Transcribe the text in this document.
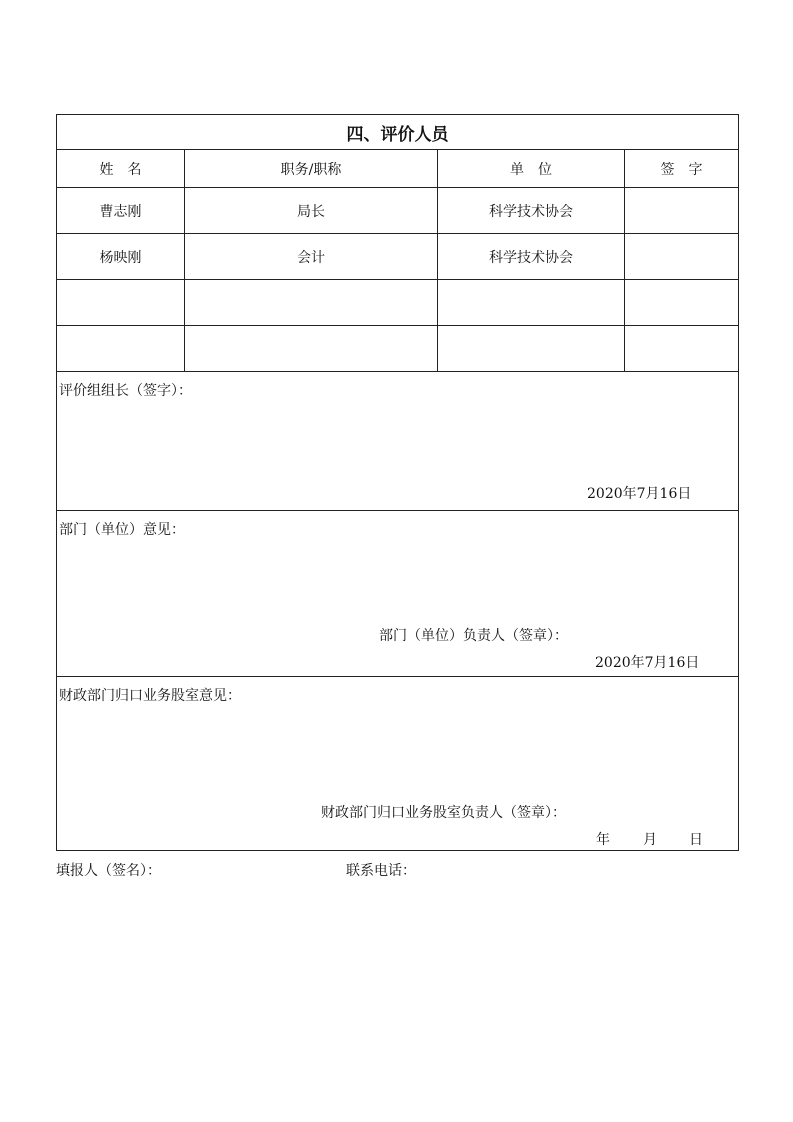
四、评价人员			
姓　名	职务/职称	单　位	签　字
曹志刚	局长	科学技术协会	
杨映刚	会计	科学技术协会	

评价组组长（签字）：
2020年7月16日			

部门（单位）意见：
部门（单位）负责人（签章）：
2020年7月16日			

财政部门归口业务股室意见：
财政部门归口业务股室负责人（签章）：
年 月 日			
填报人（签名）：	联系电话：
